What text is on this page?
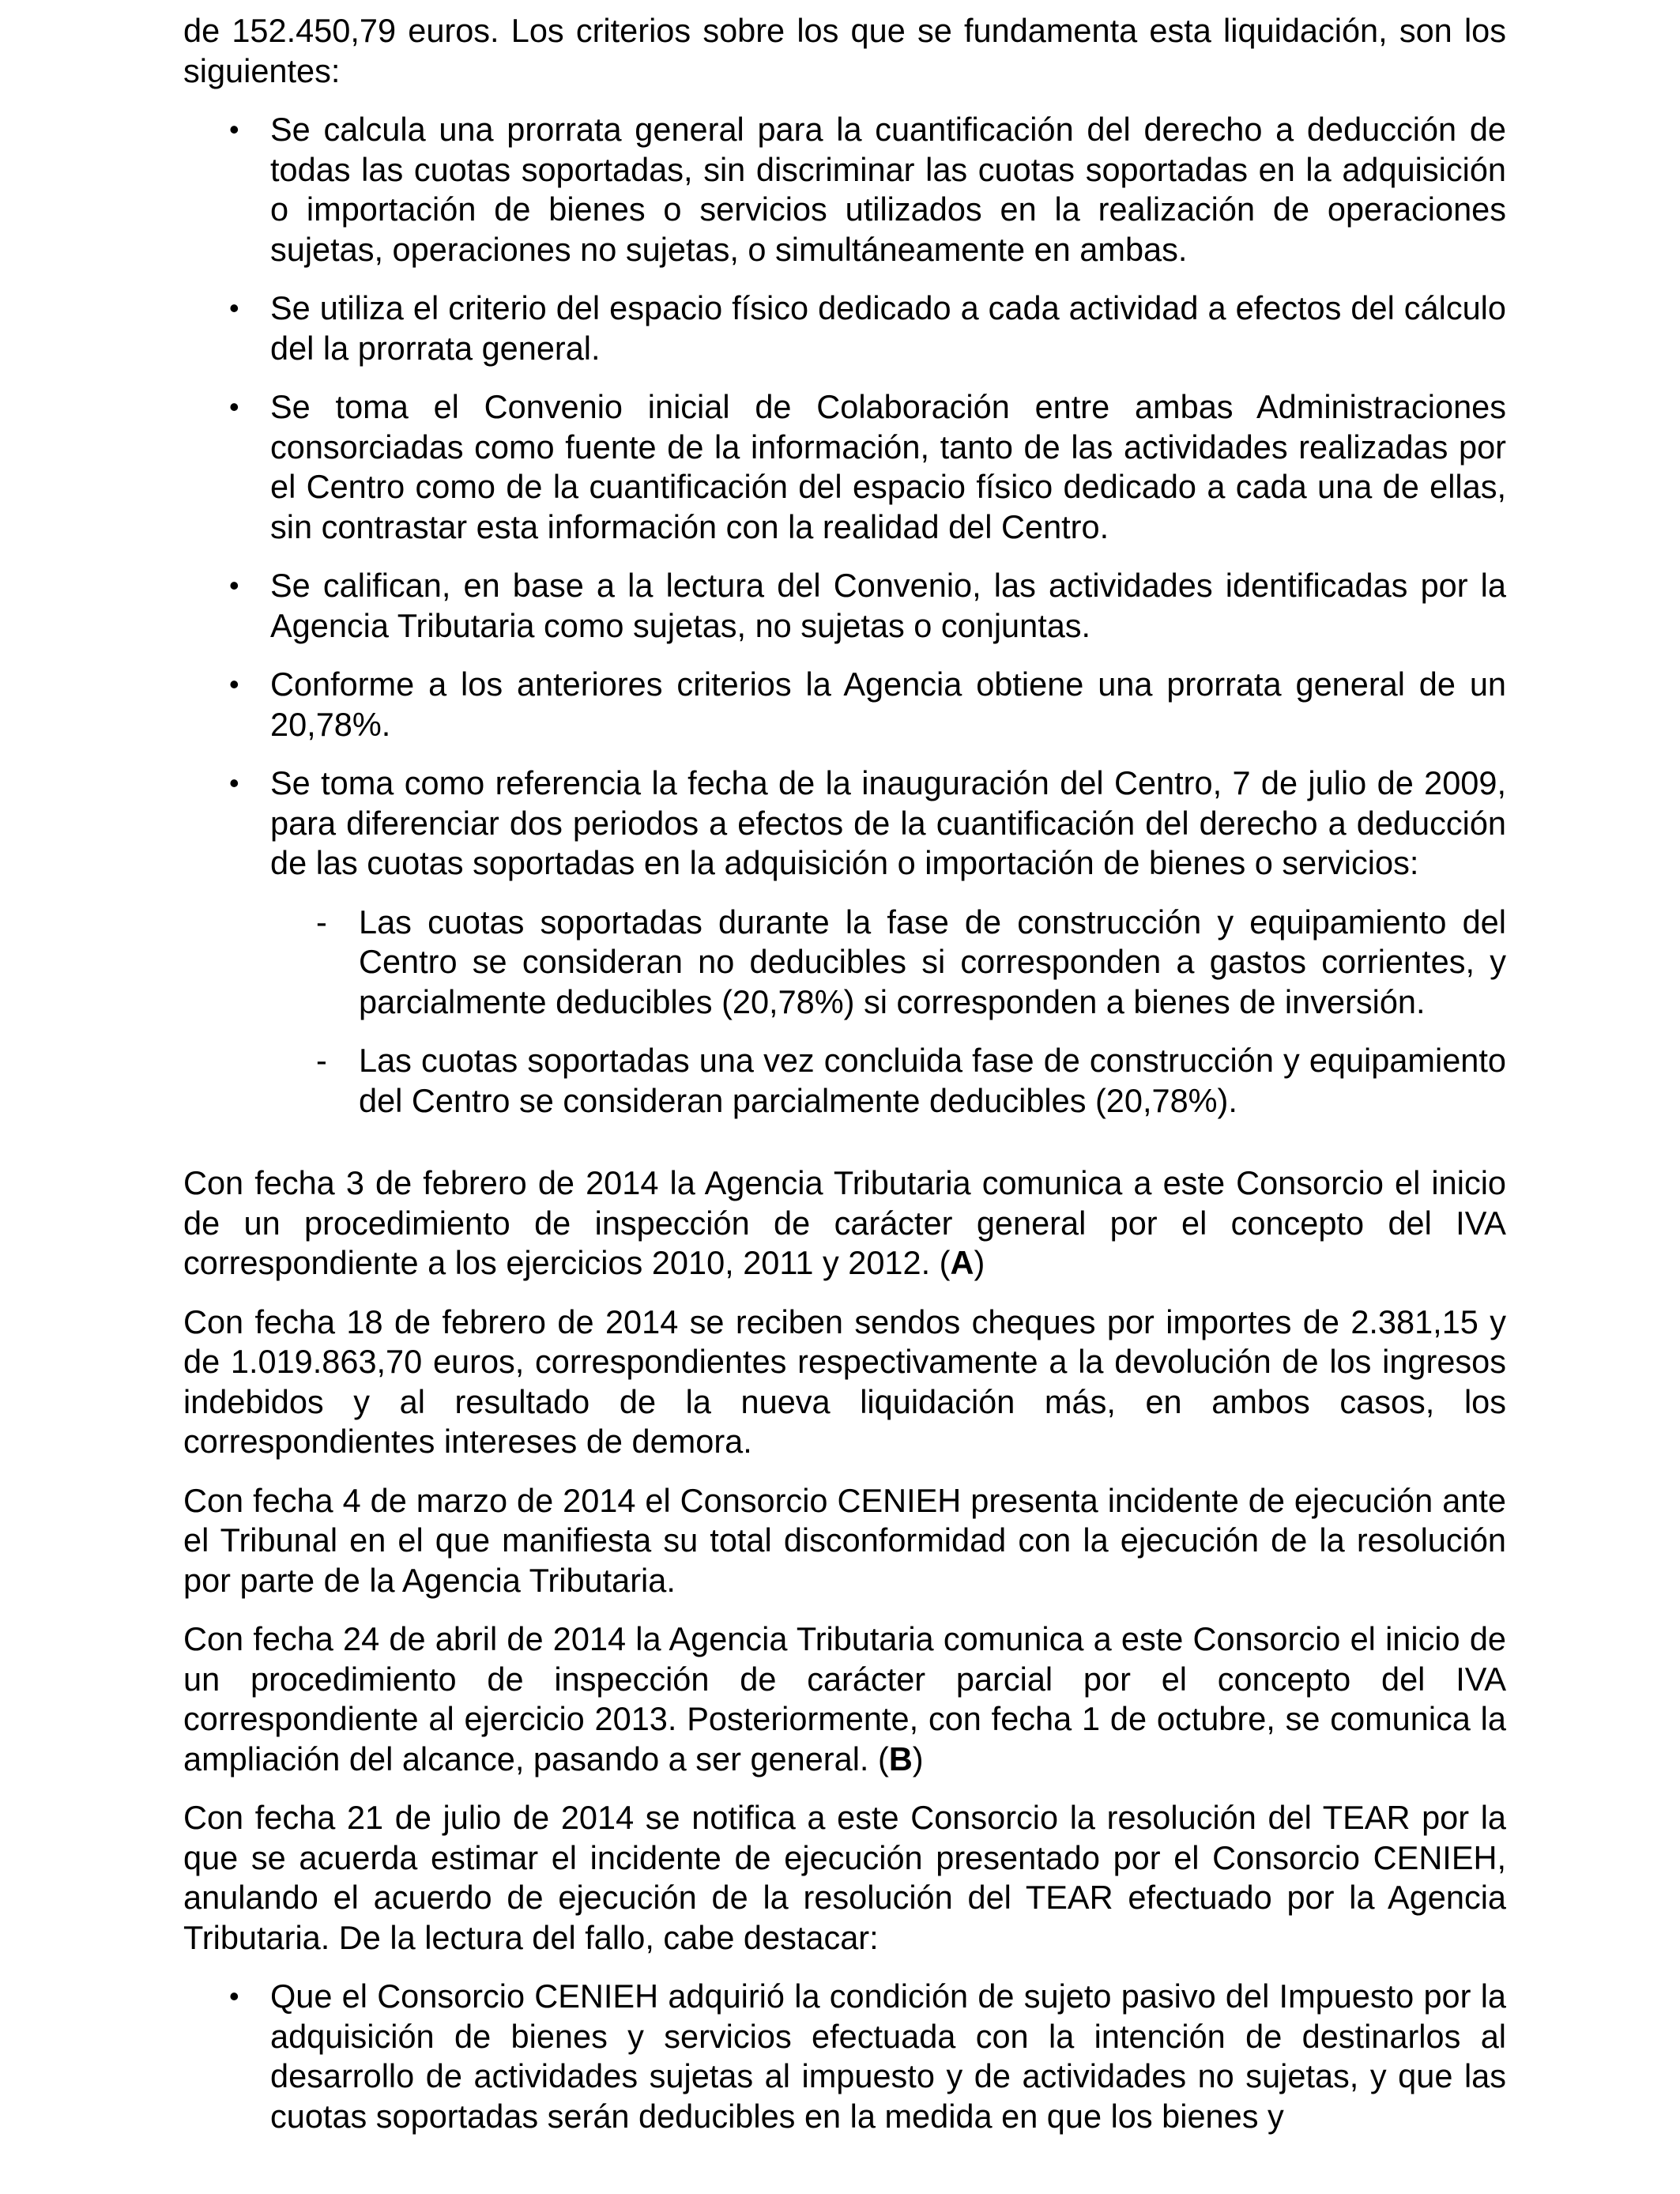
de 152.450,79 euros. Los criterios sobre los que se fundamenta esta liquidación, son los siguientes:

• Se calcula una prorrata general para la cuantificación del derecho a deducción de todas las cuotas soportadas, sin discriminar las cuotas soportadas en la adquisición o importación de bienes o servicios utilizados en la realización de operaciones sujetas, operaciones no sujetas, o simultáneamente en ambas.
• Se utiliza el criterio del espacio físico dedicado a cada actividad a efectos del cálculo del la prorrata general.
• Se toma el Convenio inicial de Colaboración entre ambas Administraciones consorciadas como fuente de la información, tanto de las actividades realizadas por el Centro como de la cuantificación del espacio físico dedicado a cada una de ellas, sin contrastar esta información con la realidad del Centro.
• Se califican, en base a la lectura del Convenio, las actividades identificadas por la Agencia Tributaria como sujetas, no sujetas o conjuntas.
• Conforme a los anteriores criterios la Agencia obtiene una prorrata general de un 20,78%.
• Se toma como referencia la fecha de la inauguración del Centro, 7 de julio de 2009, para diferenciar dos periodos a efectos de la cuantificación del derecho a deducción de las cuotas soportadas en la adquisición o importación de bienes o servicios:
- Las cuotas soportadas durante la fase de construcción y equipamiento del Centro se consideran no deducibles si corresponden a gastos corrientes, y parcialmente deducibles (20,78%) si corresponden a bienes de inversión.
- Las cuotas soportadas una vez concluida fase de construcción y equipamiento del Centro se consideran parcialmente deducibles (20,78%).

Con fecha 3 de febrero de 2014 la Agencia Tributaria comunica a este Consorcio el inicio de un procedimiento de inspección de carácter general por el concepto del IVA correspondiente a los ejercicios 2010, 2011 y 2012. (A)

Con fecha 18 de febrero de 2014 se reciben sendos cheques por importes de 2.381,15 y de 1.019.863,70 euros, correspondientes respectivamente a la devolución de los ingresos indebidos y al resultado de la nueva liquidación más, en ambos casos, los correspondientes intereses de demora.

Con fecha 4 de marzo de 2014 el Consorcio CENIEH presenta incidente de ejecución ante el Tribunal en el que manifiesta su total disconformidad con la ejecución de la resolución por parte de la Agencia Tributaria.

Con fecha 24 de abril de 2014 la Agencia Tributaria comunica a este Consorcio el inicio de un procedimiento de inspección de carácter parcial por el concepto del IVA correspondiente al ejercicio 2013. Posteriormente, con fecha 1 de octubre, se comunica la ampliación del alcance, pasando a ser general. (B)

Con fecha 21 de julio de 2014 se notifica a este Consorcio la resolución del TEAR por la que se acuerda estimar el incidente de ejecución presentado por el Consorcio CENIEH, anulando el acuerdo de ejecución de la resolución del TEAR efectuado por la Agencia Tributaria. De la lectura del fallo, cabe destacar:

• Que el Consorcio CENIEH adquirió la condición de sujeto pasivo del Impuesto por la adquisición de bienes y servicios efectuada con la intención de destinarlos al desarrollo de actividades sujetas al impuesto y de actividades no sujetas, y que las cuotas soportadas serán deducibles en la medida en que los bienes y
